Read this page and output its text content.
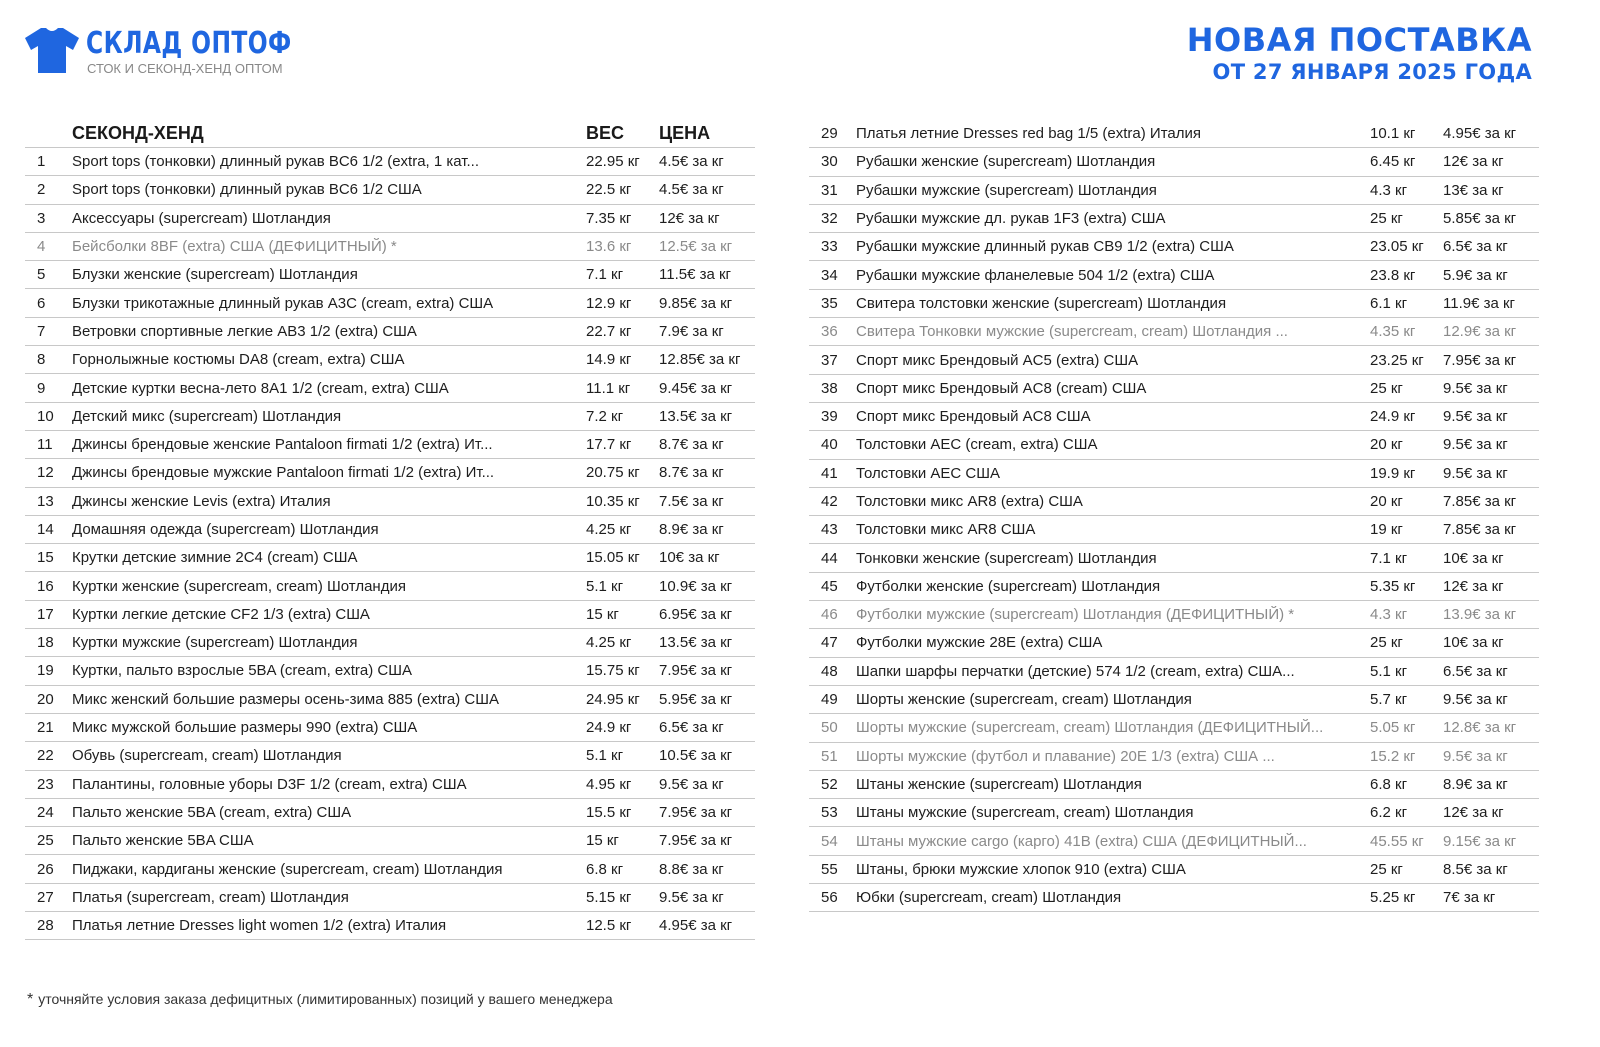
СКЛАД ОПТОФ
СТОК И СЕКОНД-ХЕНД ОПТОМ
НОВАЯ ПОСТАВКА
ОТ 27 ЯНВАРЯ 2025 ГОДА
СЕКОНД-ХЕНД	ВЕС	ЦЕНА
1	Sport tops (тонковки) длинный рукав BC6 1/2 (extra, 1 кат...	22.95 кг	4.5€ за кг
2	Sport tops (тонковки) длинный рукав BC6 1/2 США	22.5 кг	4.5€ за кг
3	Аксессуары (supercream) Шотландия	7.35 кг	12€ за кг
4	Бейсболки 8BF (extra) США (ДЕФИЦИТНЫЙ) *	13.6 кг	12.5€ за кг
5	Блузки женские (supercream) Шотландия	7.1 кг	11.5€ за кг
6	Блузки трикотажные длинный рукав A3C (cream, extra) США	12.9 кг	9.85€ за кг
7	Ветровки спортивные легкие AB3 1/2 (extra) США	22.7 кг	7.9€ за кг
8	Горнолыжные костюмы DA8 (cream, extra) США	14.9 кг	12.85€ за кг
9	Детские куртки весна-лето 8A1 1/2 (cream, extra) США	11.1 кг	9.45€ за кг
10	Детский микс (supercream) Шотландия	7.2 кг	13.5€ за кг
11	Джинсы брендовые женские Pantaloon firmati 1/2 (extra) Ит...	17.7 кг	8.7€ за кг
12	Джинсы брендовые мужские Pantaloon firmati 1/2 (extra) Ит...	20.75 кг	8.7€ за кг
13	Джинсы женские Levis (extra) Италия	10.35 кг	7.5€ за кг
14	Домашняя одежда (supercream) Шотландия	4.25 кг	8.9€ за кг
15	Крутки детские зимние 2C4 (cream) США	15.05 кг	10€ за кг
16	Куртки женские (supercream, cream) Шотландия	5.1 кг	10.9€ за кг
17	Куртки легкие детские CF2 1/3 (extra) США	15 кг	6.95€ за кг
18	Куртки мужские (supercream) Шотландия	4.25 кг	13.5€ за кг
19	Куртки, пальто взрослые 5BA (cream, extra) США	15.75 кг	7.95€ за кг
20	Микс женский большие размеры осень-зима 885 (extra) США	24.95 кг	5.95€ за кг
21	Микс мужской большие размеры 990 (extra) США	24.9 кг	6.5€ за кг
22	Обувь (supercream, cream) Шотландия	5.1 кг	10.5€ за кг
23	Палантины, головные уборы D3F 1/2 (cream, extra) США	4.95 кг	9.5€ за кг
24	Пальто женские 5BA (cream, extra) США	15.5 кг	7.95€ за кг
25	Пальто женские 5BA США	15 кг	7.95€ за кг
26	Пиджаки, кардиганы женские (supercream, cream) Шотландия	6.8 кг	8.8€ за кг
27	Платья (supercream, cream) Шотландия	5.15 кг	9.5€ за кг
28	Платья летние Dresses light women 1/2 (extra) Италия	12.5 кг	4.95€ за кг
29	Платья летние Dresses red bag 1/5 (extra) Италия	10.1 кг	4.95€ за кг
30	Рубашки женские (supercream) Шотландия	6.45 кг	12€ за кг
31	Рубашки мужские (supercream) Шотландия	4.3 кг	13€ за кг
32	Рубашки мужские дл. рукав 1F3 (extra) США	25 кг	5.85€ за кг
33	Рубашки мужские длинный рукав CB9 1/2 (extra) США	23.05 кг	6.5€ за кг
34	Рубашки мужские фланелевые 504 1/2 (extra) США	23.8 кг	5.9€ за кг
35	Свитера толстовки женские (supercream) Шотландия	6.1 кг	11.9€ за кг
36	Свитера Тонковки мужские (supercream, cream) Шотландия ...	4.35 кг	12.9€ за кг
37	Спорт микс Брендовый AC5 (extra) США	23.25 кг	7.95€ за кг
38	Спорт микс Брендовый AC8 (cream) США	25 кг	9.5€ за кг
39	Спорт микс Брендовый AC8 США	24.9 кг	9.5€ за кг
40	Толстовки AEC (cream, extra) США	20 кг	9.5€ за кг
41	Толстовки AEC США	19.9 кг	9.5€ за кг
42	Толстовки микс AR8 (extra) США	20 кг	7.85€ за кг
43	Толстовки микс AR8 США	19 кг	7.85€ за кг
44	Тонковки женские (supercream) Шотландия	7.1 кг	10€ за кг
45	Футболки женские (supercream) Шотландия	5.35 кг	12€ за кг
46	Футболки мужские (supercream) Шотландия (ДЕФИЦИТНЫЙ) *	4.3 кг	13.9€ за кг
47	Футболки мужские 28E (extra) США	25 кг	10€ за кг
48	Шапки шарфы перчатки (детские) 574 1/2 (cream, extra) США...	5.1 кг	6.5€ за кг
49	Шорты женские (supercream, cream) Шотландия	5.7 кг	9.5€ за кг
50	Шорты мужские (supercream, cream) Шотландия (ДЕФИЦИТНЫЙ...	5.05 кг	12.8€ за кг
51	Шорты мужские (футбол и плавание) 20E 1/3 (extra) США ...	15.2 кг	9.5€ за кг
52	Штаны женские (supercream) Шотландия	6.8 кг	8.9€ за кг
53	Штаны мужские (supercream, cream) Шотландия	6.2 кг	12€ за кг
54	Штаны мужские cargo (карго) 41B (extra) США (ДЕФИЦИТНЫЙ...	45.55 кг	9.15€ за кг
55	Штаны, брюки мужские хлопок 910 (extra) США	25 кг	8.5€ за кг
56	Юбки (supercream, cream) Шотландия	5.25 кг	7€ за кг
* уточняйте условия заказа дефицитных (лимитированных) позиций у вашего менеджера
